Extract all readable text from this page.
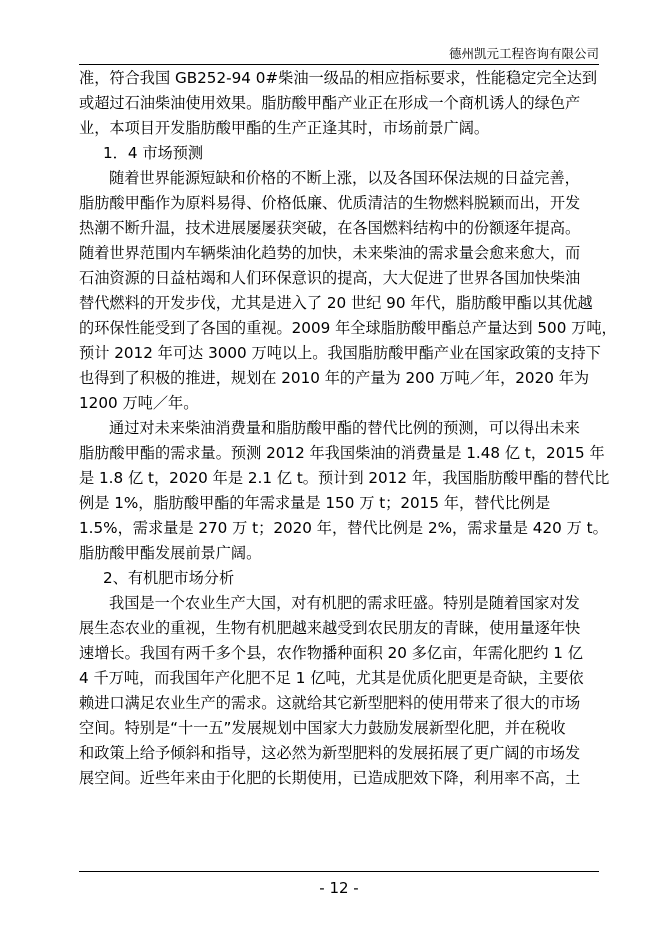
德州凯元工程咨询有限公司
准，符合我国 GB252-94 0#柴油一级品的相应指标要求，性能稳定完全达到
或超过石油柴油使用效果。脂肪酸甲酯产业正在形成一个商机诱人的绿色产
业，本项目开发脂肪酸甲酯的生产正逢其时，市场前景广阔。
1．4 市场预测
随着世界能源短缺和价格的不断上涨，以及各国环保法规的日益完善，
脂肪酸甲酯作为原料易得、价格低廉、优质清洁的生物燃料脱颖而出，开发
热潮不断升温，技术进展屡屡获突破，在各国燃料结构中的份额逐年提高。
随着世界范围内车辆柴油化趋势的加快，未来柴油的需求量会愈来愈大，而
石油资源的日益枯竭和人们环保意识的提高，大大促进了世界各国加快柴油
替代燃料的开发步伐，尤其是进入了 20 世纪 90 年代，脂肪酸甲酯以其优越
的环保性能受到了各国的重视。2009 年全球脂肪酸甲酯总产量达到 500 万吨，
预计 2012 年可达 3000 万吨以上。我国脂肪酸甲酯产业在国家政策的支持下
也得到了积极的推进，规划在 2010 年的产量为 200 万吨／年，2020 年为
1200 万吨／年。
通过对未来柴油消费量和脂肪酸甲酯的替代比例的预测，可以得出未来
脂肪酸甲酯的需求量。预测 2012 年我国柴油的消费量是 1.48 亿 t，2015 年
是 1.8 亿 t，2020 年是 2.1 亿 t。预计到 2012 年，我国脂肪酸甲酯的替代比
例是 1%，脂肪酸甲酯的年需求量是 150 万 t；2015 年，替代比例是
1.5%，需求量是 270 万 t；2020 年，替代比例是 2%，需求量是 420 万 t。
脂肪酸甲酯发展前景广阔。
2、有机肥市场分析
我国是一个农业生产大国，对有机肥的需求旺盛。特别是随着国家对发
展生态农业的重视，生物有机肥越来越受到农民朋友的青睐，使用量逐年快
速增长。我国有两千多个县，农作物播种面积 20 多亿亩，年需化肥约 1 亿
4 千万吨，而我国年产化肥不足 1 亿吨，尤其是优质化肥更是奇缺，主要依
赖进口满足农业生产的需求。这就给其它新型肥料的使用带来了很大的市场
空间。特别是“十一五”发展规划中国家大力鼓励发展新型化肥，并在税收
和政策上给予倾斜和指导，这必然为新型肥料的发展拓展了更广阔的市场发
展空间。近些年来由于化肥的长期使用，已造成肥效下降，利用率不高，土
- 12 -
